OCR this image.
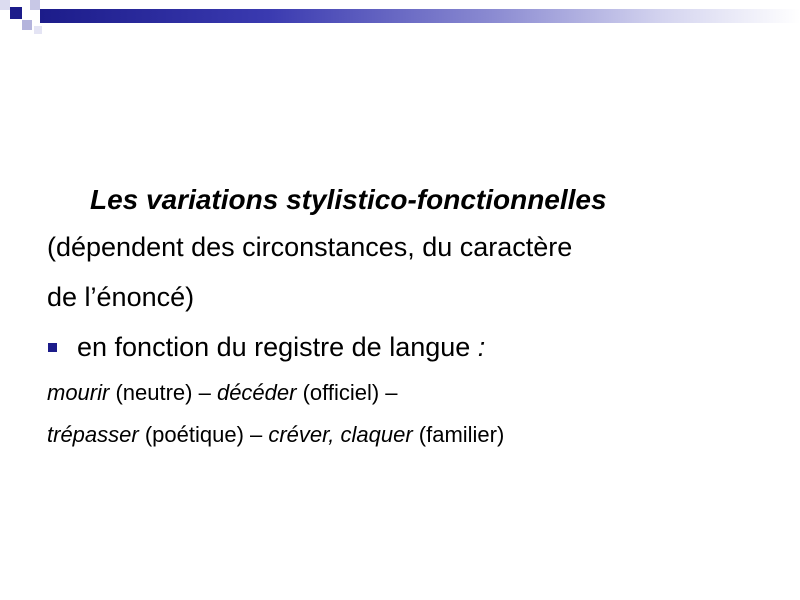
Les variations stylistico-fonctionnelles
(dépendent des circonstances, du caractère
de l’énoncé)
en fonction du registre de langue :
mourir (neutre) – décéder (officiel) –
trépasser (poétique) – créver, claquer (familier)
